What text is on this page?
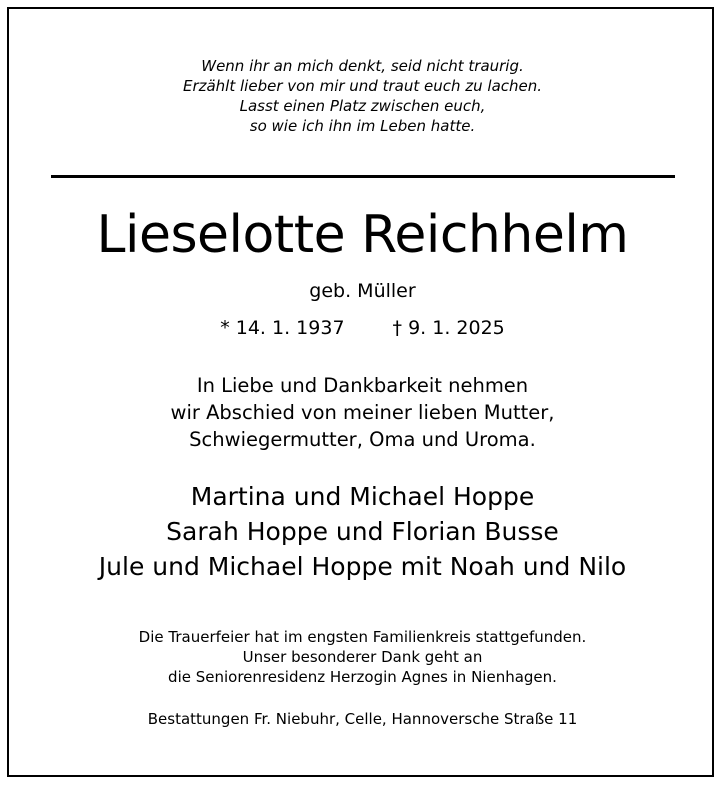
Wenn ihr an mich denkt, seid nicht traurig.
Erzählt lieber von mir und traut euch zu lachen.
Lasst einen Platz zwischen euch,
so wie ich ihn im Leben hatte.
Lieselotte Reichhelm
geb. Müller
* 14. 1. 1937	† 9. 1. 2025
In Liebe und Dankbarkeit nehmen
wir Abschied von meiner lieben Mutter,
Schwiegermutter, Oma und Uroma.
Martina und Michael Hoppe
Sarah Hoppe und Florian Busse
Jule und Michael Hoppe mit Noah und Nilo
Die Trauerfeier hat im engsten Familienkreis stattgefunden.
Unser besonderer Dank geht an
die Seniorenresidenz Herzogin Agnes in Nienhagen.
Bestattungen Fr. Niebuhr, Celle, Hannoversche Straße 11
